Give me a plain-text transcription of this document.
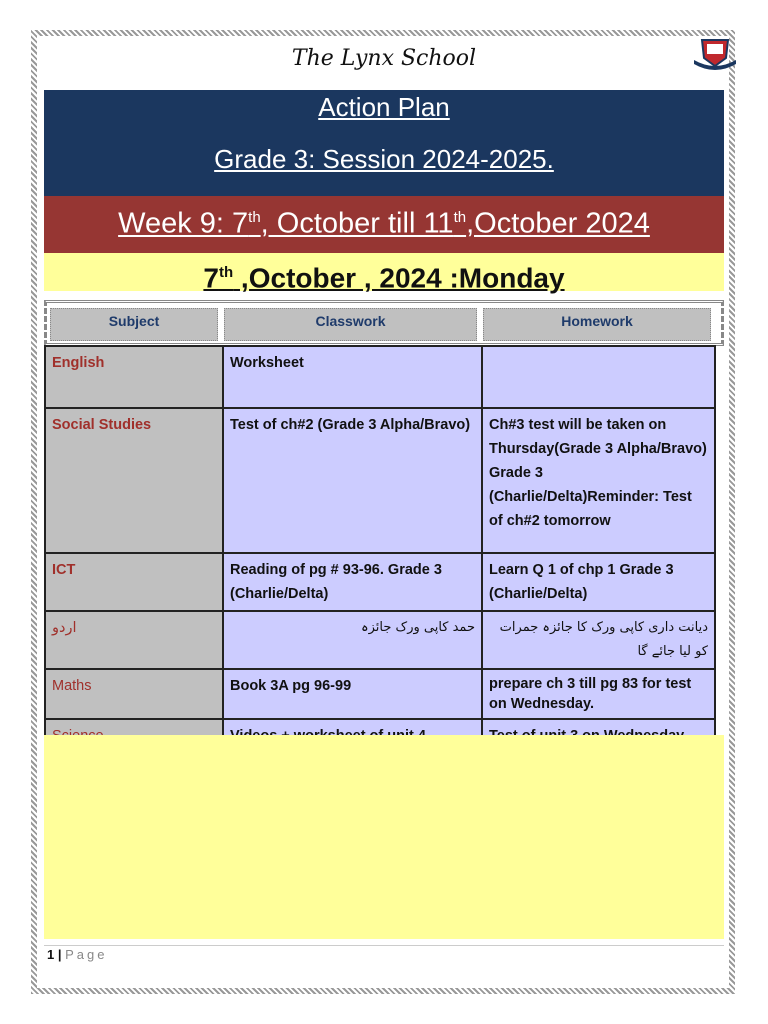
The Lynx School
Action Plan
Grade 3: Session 2024-2025.
Week 9: 7th, October till 11th,October 2024
7th ,October , 2024 :Monday
Subject	Classwork	Homework
English	Worksheet	
Social Studies	Test of ch#2 (Grade 3 Alpha/Bravo)	Ch#3 test will be taken on Thursday(Grade 3 Alpha/Bravo) Grade 3 (Charlie/Delta)Reminder: Test of ch#2 tomorrow
ICT	Reading of pg # 93-96. Grade 3 (Charlie/Delta)	Learn Q 1 of chp 1 Grade 3 (Charlie/Delta)
اردو	حمد کاپی ورک جائزہ	دیانت داری کاپی ورک کا جائزہ جمرات کو لیا جائے گا
Maths	Book 3A pg 96-99	prepare ch 3 till pg 83 for test on Wednesday.

1 | Page
